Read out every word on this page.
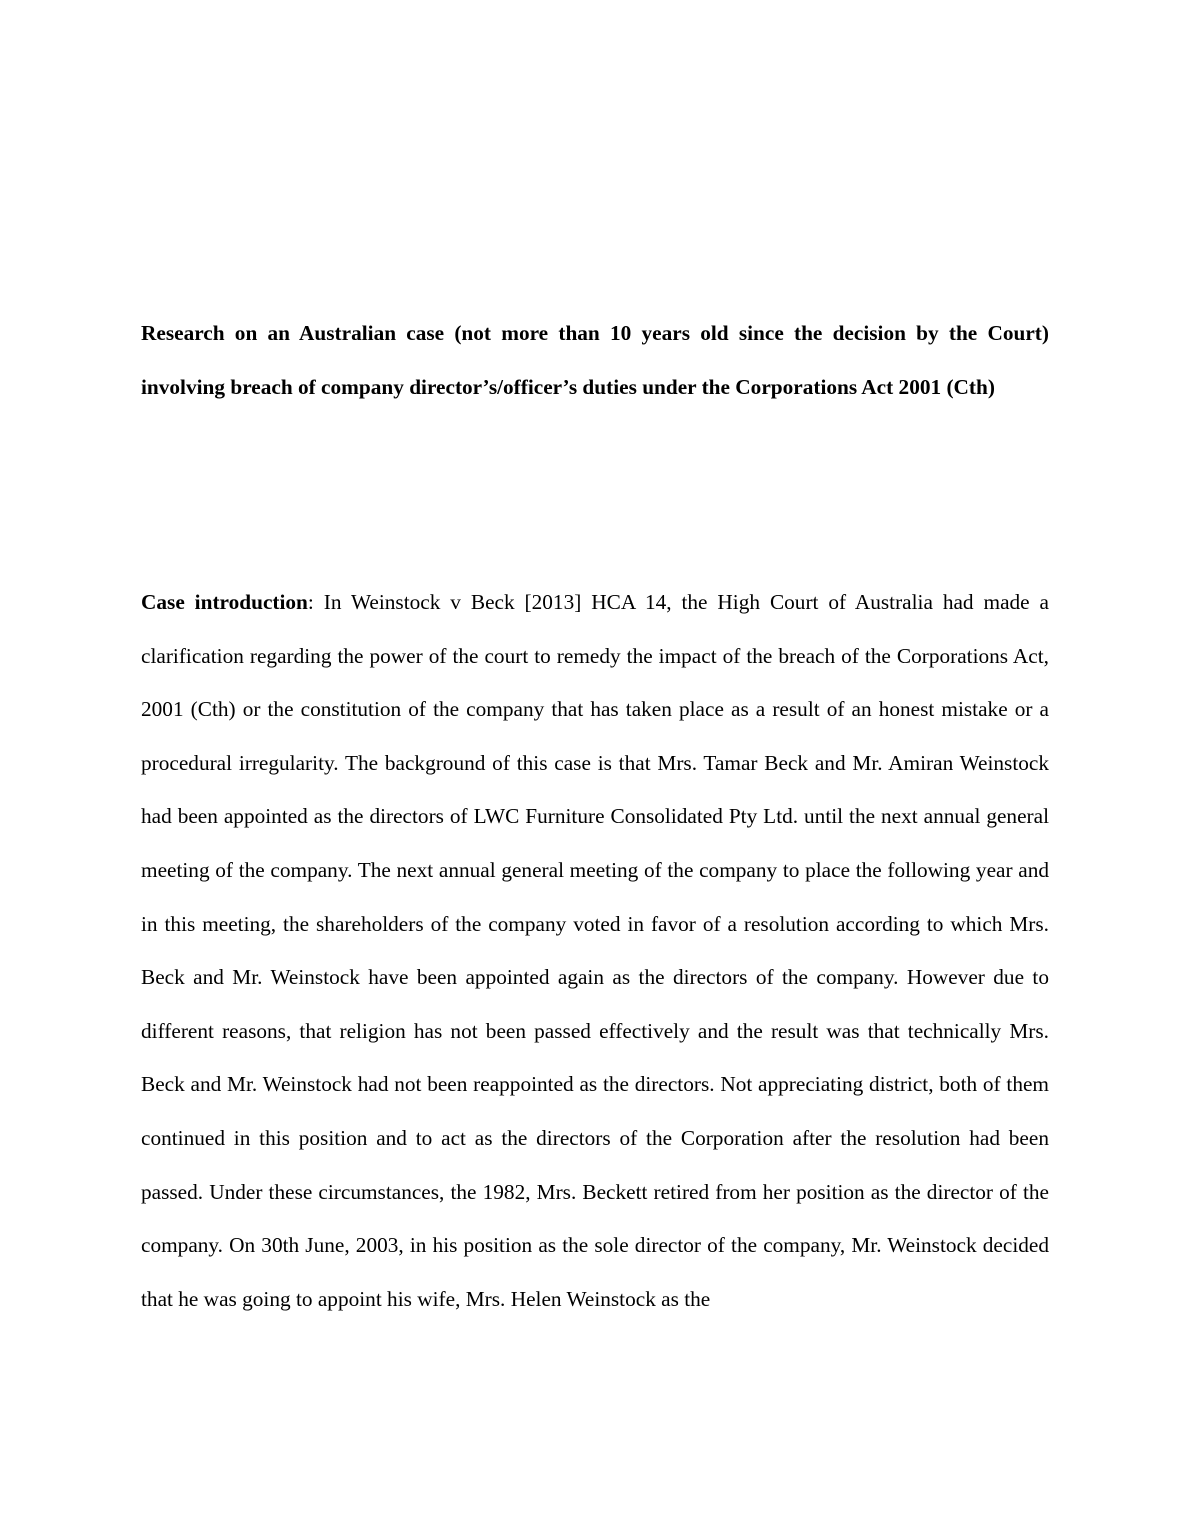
Research on an Australian case (not more than 10 years old since the decision by the Court) involving breach of company director’s/officer’s duties under the Corporations Act 2001 (Cth)
Case introduction: In Weinstock v Beck [2013] HCA 14, the High Court of Australia had made a clarification regarding the power of the court to remedy the impact of the breach of the Corporations Act, 2001 (Cth) or the constitution of the company that has taken place as a result of an honest mistake or a procedural irregularity. The background of this case is that Mrs. Tamar Beck and Mr. Amiran Weinstock had been appointed as the directors of LWC Furniture Consolidated Pty Ltd. until the next annual general meeting of the company. The next annual general meeting of the company to place the following year and in this meeting, the shareholders of the company voted in favor of a resolution according to which Mrs. Beck and Mr. Weinstock have been appointed again as the directors of the company. However due to different reasons, that religion has not been passed effectively and the result was that technically Mrs. Beck and Mr. Weinstock had not been reappointed as the directors. Not appreciating district, both of them continued in this position and to act as the directors of the Corporation after the resolution had been passed. Under these circumstances, the 1982, Mrs. Beckett retired from her position as the director of the company. On 30th June, 2003, in his position as the sole director of the company, Mr. Weinstock decided that he was going to appoint his wife, Mrs. Helen Weinstock as the
